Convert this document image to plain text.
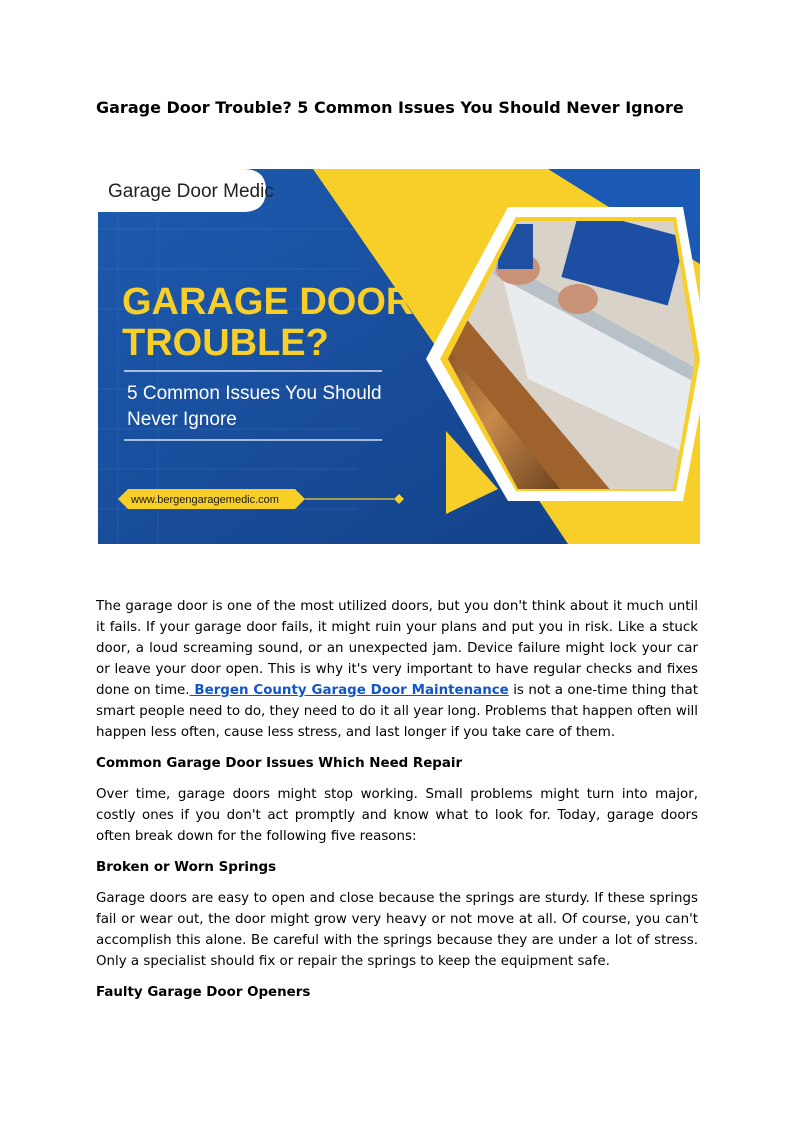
Garage Door Trouble? 5 Common Issues You Should Never Ignore
Garage Door Medic
GARAGE DOOR
TROUBLE?
5 Common Issues You Should
Never Ignore
www.bergengaragemedic.com

The garage door is one of the most utilized doors, but you don't think about it much until it fails. If your garage door fails, it might ruin your plans and put you in risk. Like a stuck door, a loud screaming sound, or an unexpected jam. Device failure might lock your car or leave your door open. This is why it's very important to have regular checks and fixes done on time. Bergen County Garage Door Maintenance is not a one-time thing that smart people need to do, they need to do it all year long. Problems that happen often will happen less often, cause less stress, and last longer if you take care of them.

Common Garage Door Issues Which Need Repair

Over time, garage doors might stop working. Small problems might turn into major, costly ones if you don't act promptly and know what to look for. Today, garage doors often break down for the following five reasons:

Broken or Worn Springs

Garage doors are easy to open and close because the springs are sturdy. If these springs fail or wear out, the door might grow very heavy or not move at all. Of course, you can't accomplish this alone. Be careful with the springs because they are under a lot of stress. Only a specialist should fix or repair the springs to keep the equipment safe.

Faulty Garage Door Openers
